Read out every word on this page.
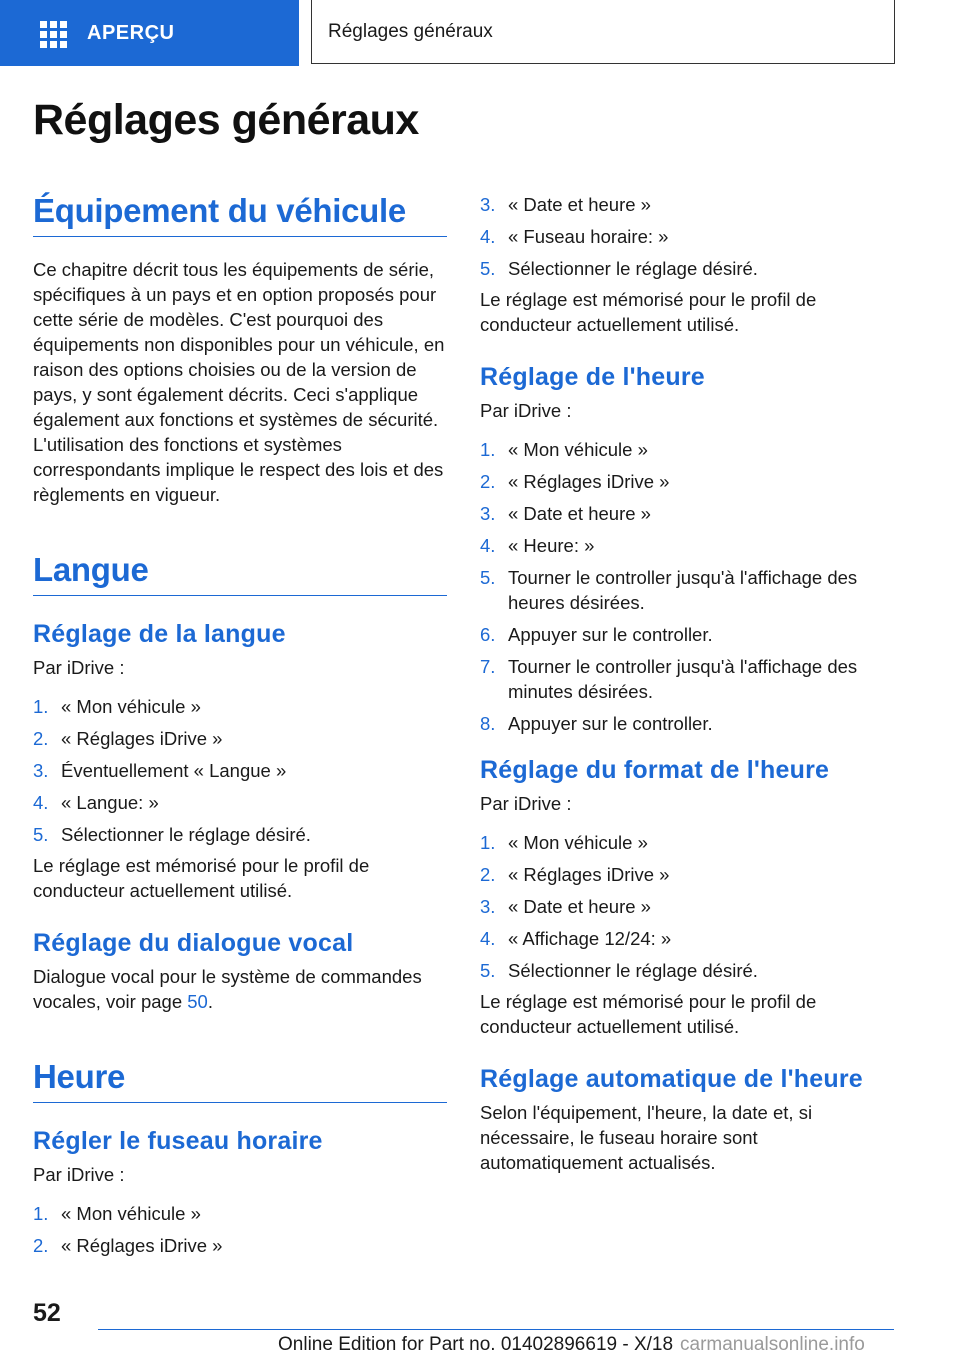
APERÇU	Réglages généraux
Réglages généraux
Équipement du véhicule

Ce chapitre décrit tous les équipements de série, spécifiques à un pays et en option proposés pour cette série de modèles. C'est pourquoi des équipements non disponibles pour un véhicule, en raison des options choisies ou de la version de pays, y sont également décrits. Ceci s'applique également aux fonctions et systèmes de sécurité. L'utilisation des fonctions et systèmes correspondants implique le respect des lois et des règlements en vigueur.

Langue
Réglage de la langue

Par iDrive :

1. « Mon véhicule »
2. « Réglages iDrive »
3. Éventuellement « Langue »
4. « Langue: »
5. Sélectionner le réglage désiré.

Le réglage est mémorisé pour le profil de conducteur actuellement utilisé.

Réglage du dialogue vocal

Dialogue vocal pour le système de commandes vocales, voir page 50.

Heure
Régler le fuseau horaire

Par iDrive :

1. « Mon véhicule »
2. « Réglages iDrive »
3. « Date et heure »
4. « Fuseau horaire: »
5. Sélectionner le réglage désiré.

Le réglage est mémorisé pour le profil de conducteur actuellement utilisé.

Réglage de l'heure

Par iDrive :

1. « Mon véhicule »
2. « Réglages iDrive »
3. « Date et heure »
4. « Heure: »
5. Tourner le controller jusqu'à l'affichage des heures désirées.
6. Appuyer sur le controller.
7. Tourner le controller jusqu'à l'affichage des minutes désirées.
8. Appuyer sur le controller.
Réglage du format de l'heure

Par iDrive :

1. « Mon véhicule »
2. « Réglages iDrive »
3. « Date et heure »
4. « Affichage 12/24: »
5. Sélectionner le réglage désiré.

Le réglage est mémorisé pour le profil de conducteur actuellement utilisé.

Réglage automatique de l'heure

Selon l'équipement, l'heure, la date et, si nécessaire, le fuseau horaire sont automatiquement actualisés.

52

Online Edition for Part no. 01402896619 - X/18 carmanualsonline.info
